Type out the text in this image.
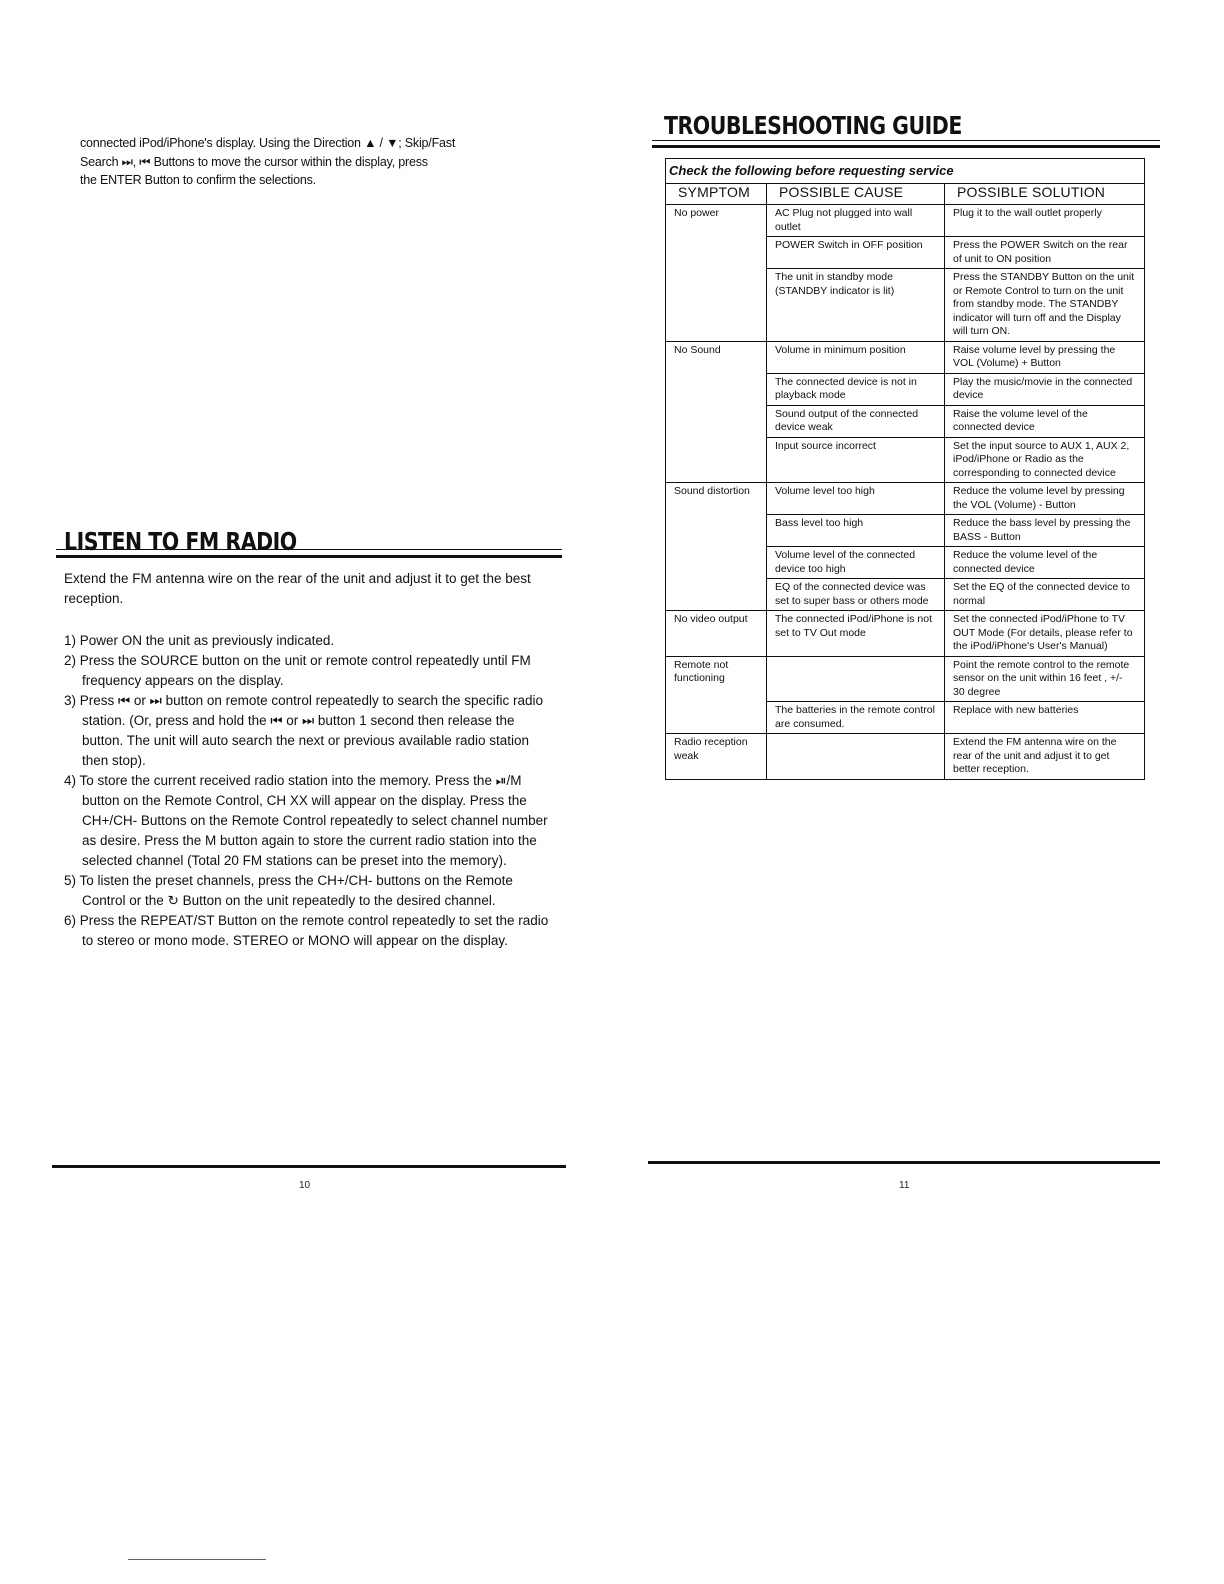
connected iPod/iPhone's display. Using the Direction ▲ / ▼; Skip/Fast

Search ⏭, ⏮ Buttons to move the cursor within the display, press

the ENTER Button to confirm the selections.

LISTEN TO FM RADIO

Extend the FM antenna wire on the rear of the unit and adjust it to get the best reception.

1) Power ON the unit as previously indicated.
2) Press the SOURCE button on the unit or remote control repeatedly until FM frequency appears on the display.
3) Press ⏮ or ⏭ button on remote control repeatedly to search the specific radio station. (Or, press and hold the ⏮ or ⏭ button 1 second then release the button. The unit will auto search the next or previous available radio station then stop).
4) To store the current received radio station into the memory. Press the ⏯/M button on the Remote Control, CH XX will appear on the display. Press the CH+/CH- Buttons on the Remote Control repeatedly to select channel number as desire. Press the M button again to store the current radio station into the selected channel (Total 20 FM stations can be preset into the memory).
5) To listen the preset channels, press the CH+/CH- buttons on the Remote Control or the ↻ Button on the unit repeatedly to the desired channel.
6) Press the REPEAT/ST Button on the remote control repeatedly to set the radio to stereo or mono mode. STEREO or MONO will appear on the display.
10
TROUBLESHOOTING GUIDE
Check the following before requesting service		
SYMPTOM	POSSIBLE CAUSE	POSSIBLE SOLUTION
No power	AC Plug not plugged into wall outlet	Plug it to the wall outlet properly
	POWER Switch in OFF position	Press the POWER Switch on the rear of unit to ON position
	The unit in standby mode (STANDBY indicator is lit)	Press the STANDBY Button on the unit or Remote Control to turn on the unit from standby mode. The STANDBY indicator will turn off and the Display will turn ON.
No Sound	Volume in minimum position	Raise volume level by pressing the VOL (Volume) + Button
	The connected device is not in playback mode	Play the music/movie in the connected device
	Sound output of the connected device weak	Raise the volume level of the connected device
	Input source incorrect	Set the input source to AUX 1, AUX 2, iPod/iPhone or Radio as the corresponding to connected device
Sound distortion	Volume level too high	Reduce the volume level by pressing the VOL (Volume) - Button
	Bass level too high	Reduce the bass level by pressing the BASS - Button
	Volume level of the connected device too high	Reduce the volume level of the connected device
	EQ of the connected device was set to super bass or others mode	Set the EQ of the connected device to normal
No video output	The connected iPod/iPhone is not set to TV Out mode	Set the connected iPod/iPhone to TV OUT Mode (For details, please refer to the iPod/iPhone's User's Manual)
Remote not functioning		Point the remote control to the remote sensor on the unit within 16 feet , +/- 30 degree
	The batteries in the remote control are consumed.	Replace with new batteries
Radio reception weak		Extend the FM antenna wire on the rear of the unit and adjust it to get better reception.
11
